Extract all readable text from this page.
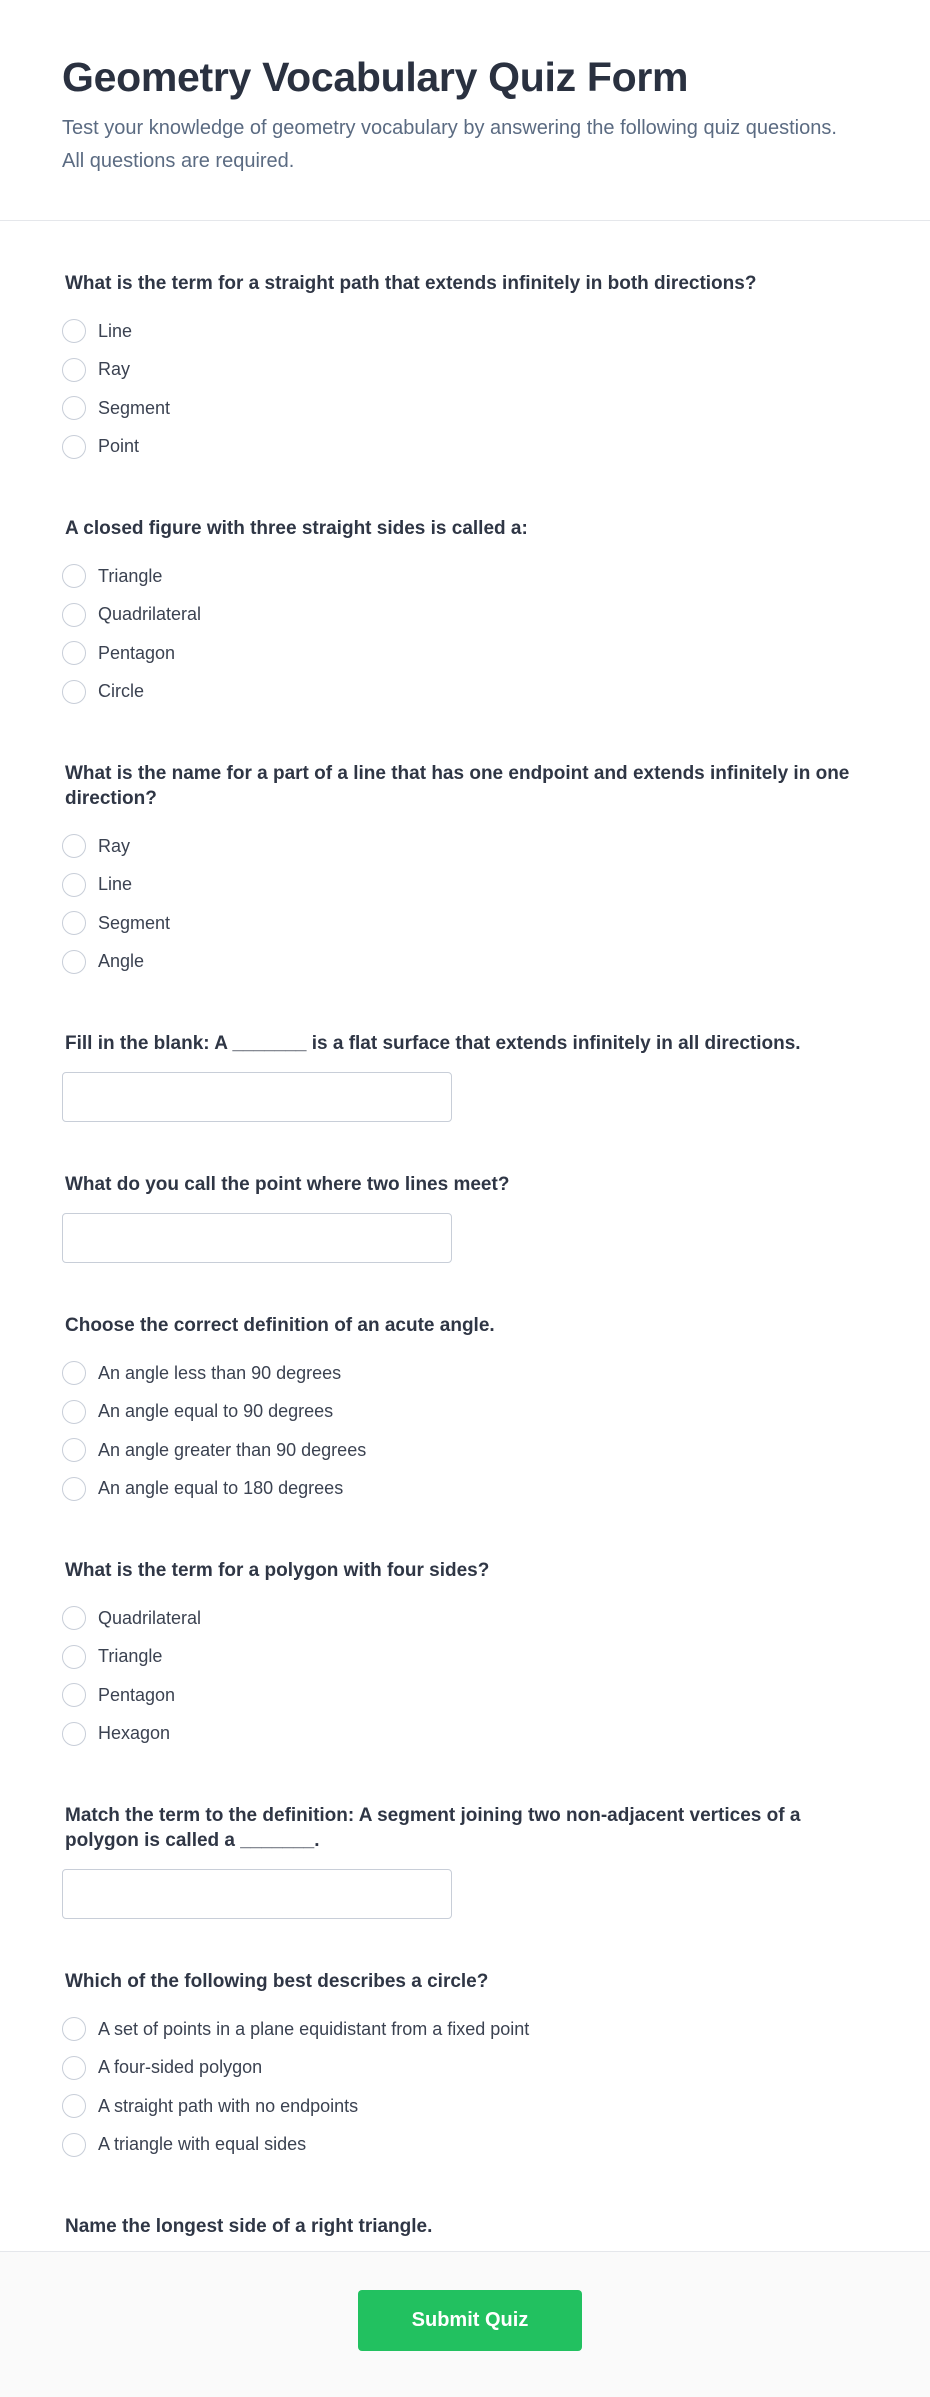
Geometry Vocabulary Quiz Form

Test your knowledge of geometry vocabulary by answering the following quiz questions. All questions are required.

What is the term for a straight path that extends infinitely in both directions?
Line
Ray
Segment
Point
A closed figure with three straight sides is called a:
Triangle
Quadrilateral
Pentagon
Circle
What is the name for a part of a line that has one endpoint and extends infinitely in one direction?
Ray
Line
Segment
Angle
Fill in the blank: A _______ is a flat surface that extends infinitely in all directions.
What do you call the point where two lines meet?
Choose the correct definition of an acute angle.
An angle less than 90 degrees
An angle equal to 90 degrees
An angle greater than 90 degrees
An angle equal to 180 degrees
What is the term for a polygon with four sides?
Quadrilateral
Triangle
Pentagon
Hexagon
Match the term to the definition: A segment joining two non-adjacent vertices of a polygon is called a _______.
Which of the following best describes a circle?
A set of points in a plane equidistant from a fixed point
A four-sided polygon
A straight path with no endpoints
A triangle with equal sides
Name the longest side of a right triangle.
Submit Quiz
